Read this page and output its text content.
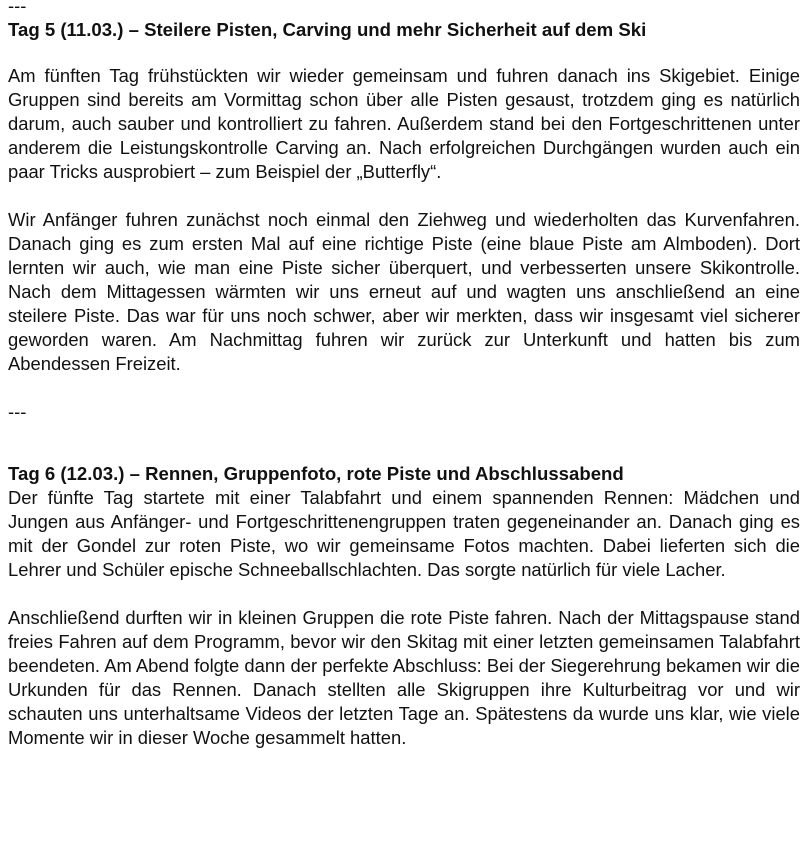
---
Tag 5 (11.03.) – Steilere Pisten, Carving und mehr Sicherheit auf dem Ski

Am fünften Tag frühstückten wir wieder gemeinsam und fuhren danach ins Skigebiet. Einige Gruppen sind bereits am Vormittag schon über alle Pisten gesaust, trotzdem ging es natürlich darum, auch sauber und kontrolliert zu fahren. Außerdem stand bei den Fortgeschrittenen unter anderem die Leistungskontrolle Carving an. Nach erfolgreichen Durchgängen wurden auch ein paar Tricks ausprobiert – zum Beispiel der „Butterfly“.

Wir Anfänger fuhren zunächst noch einmal den Ziehweg und wiederholten das Kurvenfahren. Danach ging es zum ersten Mal auf eine richtige Piste (eine blaue Piste am Almboden). Dort lernten wir auch, wie man eine Piste sicher überquert, und verbesserten unsere Skikontrolle. Nach dem Mittagessen wärmten wir uns erneut auf und wagten uns anschließend an eine steilere Piste. Das war für uns noch schwer, aber wir merkten, dass wir insgesamt viel sicherer geworden waren. Am Nachmittag fuhren wir zurück zur Unterkunft und hatten bis zum Abendessen Freizeit.

---
Tag 6 (12.03.) – Rennen, Gruppenfoto, rote Piste und Abschlussabend

Der fünfte Tag startete mit einer Talabfahrt und einem spannenden Rennen: Mädchen und Jungen aus Anfänger- und Fortgeschrittenengruppen traten gegeneinander an. Danach ging es mit der Gondel zur roten Piste, wo wir gemeinsame Fotos machten. Dabei lieferten sich die Lehrer und Schüler epische Schneeballschlachten. Das sorgte natürlich für viele Lacher.

Anschließend durften wir in kleinen Gruppen die rote Piste fahren. Nach der Mittagspause stand freies Fahren auf dem Programm, bevor wir den Skitag mit einer letzten gemeinsamen Talabfahrt beendeten. Am Abend folgte dann der perfekte Abschluss: Bei der Siegerehrung bekamen wir die Urkunden für das Rennen. Danach stellten alle Skigruppen ihre Kulturbeitrag vor und wir schauten uns unterhaltsame Videos der letzten Tage an. Spätestens da wurde uns klar, wie viele Momente wir in dieser Woche gesammelt hatten.
